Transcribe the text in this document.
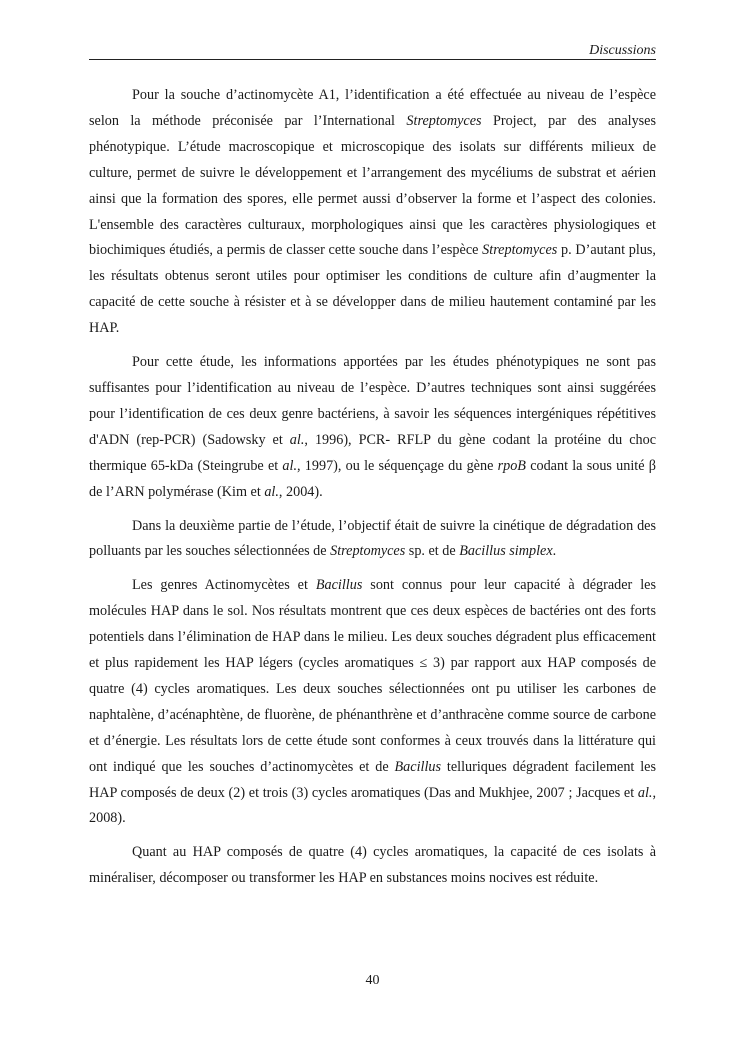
Discussions

Pour la souche d’actinomycète A1, l’identification a été effectuée au niveau de l’espèce selon la méthode préconisée par l’International Streptomyces Project, par des analyses phénotypique. L’étude macroscopique et microscopique des isolats sur différents milieux de culture, permet de suivre le développement et l’arrangement des mycéliums de substrat et aérien ainsi que la formation des spores, elle permet aussi d’observer la forme et l’aspect des colonies. L'ensemble des caractères culturaux, morphologiques ainsi que les caractères physiologiques et biochimiques étudiés, a permis de classer cette souche dans l’espèce Streptomyces p. D’autant plus, les résultats obtenus seront utiles pour optimiser les conditions de culture afin d’augmenter la capacité de cette souche à résister et à se développer dans de milieu hautement contaminé par les HAP.

Pour cette étude, les informations apportées par les études phénotypiques ne sont pas suffisantes pour l’identification au niveau de l’espèce. D’autres techniques sont ainsi suggérées pour l’identification de ces deux genre bactériens, à savoir les séquences intergéniques répétitives d'ADN (rep-PCR) (Sadowsky et al., 1996), PCR- RFLP du gène codant la protéine du choc thermique 65-kDa (Steingrube et al., 1997), ou le séquençage du gène rpoB codant la sous unité β de l’ARN polymérase (Kim et al., 2004).

Dans la deuxième partie de l’étude, l’objectif était de suivre la cinétique de dégradation des polluants par les souches sélectionnées de Streptomyces sp. et de Bacillus simplex.

Les genres Actinomycètes et Bacillus sont connus pour leur capacité à dégrader les molécules HAP dans le sol. Nos résultats montrent que ces deux espèces de bactéries ont des forts potentiels dans l’élimination de HAP dans le milieu. Les deux souches dégradent plus efficacement et plus rapidement les HAP légers (cycles aromatiques ≤ 3) par rapport aux HAP composés de quatre (4) cycles aromatiques. Les deux souches sélectionnées ont pu utiliser les carbones de naphtalène, d’acénaphtène, de fluorène, de phénanthrène et d’anthracène comme source de carbone et d’énergie. Les résultats lors de cette étude sont conformes à ceux trouvés dans la littérature qui ont indiqué que les souches d’actinomycètes et de Bacillus telluriques dégradent facilement les HAP composés de deux (2) et trois (3) cycles aromatiques (Das and Mukhjee, 2007 ; Jacques et al., 2008).

Quant au HAP composés de quatre (4) cycles aromatiques, la capacité de ces isolats à minéraliser, décomposer ou transformer les HAP en substances moins nocives est réduite.

40
